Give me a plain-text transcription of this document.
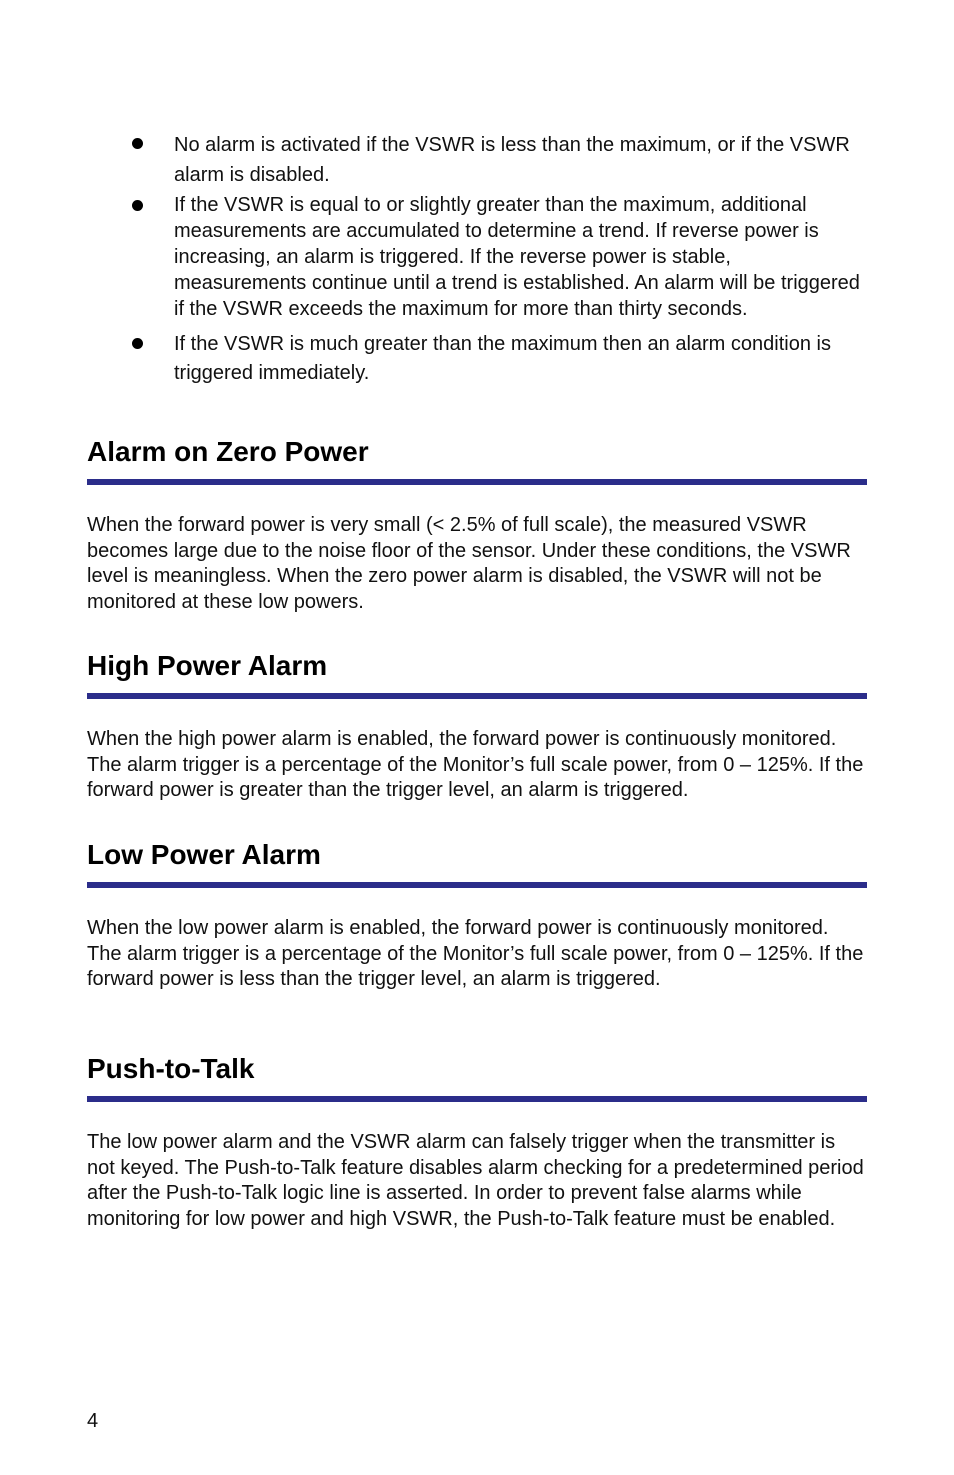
No alarm is activated if the VSWR is less than the maximum, or if the VSWR alarm is disabled.
If the VSWR is equal to or slightly greater than the maximum, additional measurements are accumulated to determine a trend. If reverse power is increasing, an alarm is triggered. If the reverse power is stable, measurements continue until a trend is established. An alarm will be triggered if the VSWR exceeds the maximum for more than thirty seconds.
If the VSWR is much greater than the maximum then an alarm condition is triggered immediately.
Alarm on Zero Power

When the forward power is very small (< 2.5% of full scale), the measured VSWR becomes large due to the noise floor of the sensor. Under these conditions, the VSWR level is meaningless. When the zero power alarm is disabled, the VSWR will not be monitored at these low powers.

High Power Alarm

When the high power alarm is enabled, the forward power is continuously monitored. The alarm trigger is a percentage of the Monitor’s full scale power, from 0 – 125%. If the forward power is greater than the trigger level, an alarm is triggered.

Low Power Alarm

When the low power alarm is enabled, the forward power is continuously monitored. The alarm trigger is a percentage of the Monitor’s full scale power, from 0 – 125%. If the forward power is less than the trigger level, an alarm is triggered.

Push-to-Talk

The low power alarm and the VSWR alarm can falsely trigger when the transmitter is not keyed. The Push-to-Talk feature disables alarm checking for a predetermined period after the Push-to-Talk logic line is asserted. In order to prevent false alarms while monitoring for low power and high VSWR, the Push-to-Talk feature must be enabled.

4
